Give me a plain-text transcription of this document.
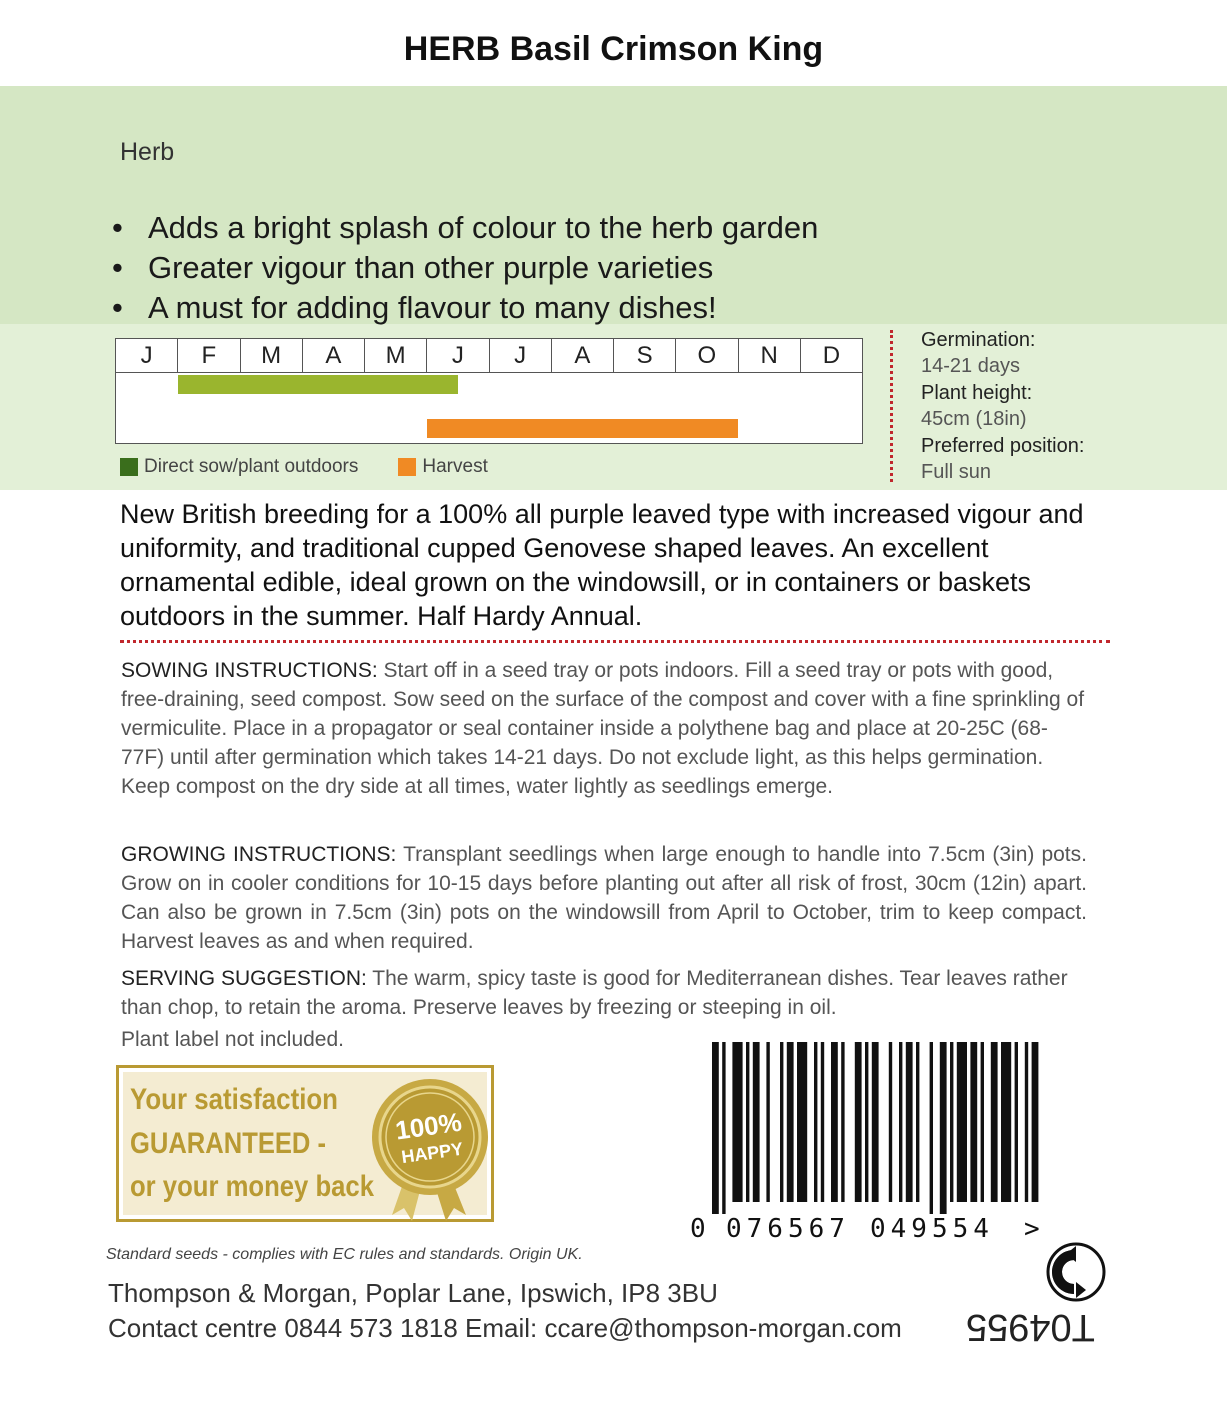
HERB Basil Crimson King
Herb
• Adds a bright splash of colour to the herb garden
• Greater vigour than other purple varieties
• A must for adding flavour to many dishes!
J	F	M	A	M	J	J	A	S	O	N	D
Direct sow/plant outdoors	Harvest
Germination:
14-21 days
Plant height:
45cm (18in)
Preferred position:
Full sun
New British breeding for a 100% all purple leaved type with increased vigour and uniformity, and traditional cupped Genovese shaped leaves. An excellent ornamental edible, ideal grown on the windowsill, or in containers or baskets outdoors in the summer. Half Hardy Annual.
SOWING INSTRUCTIONS: Start off in a seed tray or pots indoors. Fill a seed tray or pots with good, free-draining, seed compost. Sow seed on the surface of the compost and cover with a fine sprinkling of vermiculite. Place in a propagator or seal container inside a polythene bag and place at 20-25C (68-77F) until after germination which takes 14-21 days. Do not exclude light, as this helps germination. Keep compost on the dry side at all times, water lightly as seedlings emerge.
GROWING INSTRUCTIONS: Transplant seedlings when large enough to handle into 7.5cm (3in) pots. Grow on in cooler conditions for 10-15 days before planting out after all risk of frost, 30cm (12in) apart. Can also be grown in 7.5cm (3in) pots on the windowsill from April to October, trim to keep compact. Harvest leaves as and when required.
SERVING SUGGESTION: The warm, spicy taste is good for Mediterranean dishes. Tear leaves rather than chop, to retain the aroma. Preserve leaves by freezing or steeping in oil.
Plant label not included.
Your satisfaction
GUARANTEED -
or your money back
100%
HAPPY
0 076567 049554 >
Standard seeds - complies with EC rules and standards. Origin UK.
Thompson & Morgan, Poplar Lane, Ipswich, IP8 3BU
Contact centre 0844 573 1818 Email: ccare@thompson-morgan.com T04955
